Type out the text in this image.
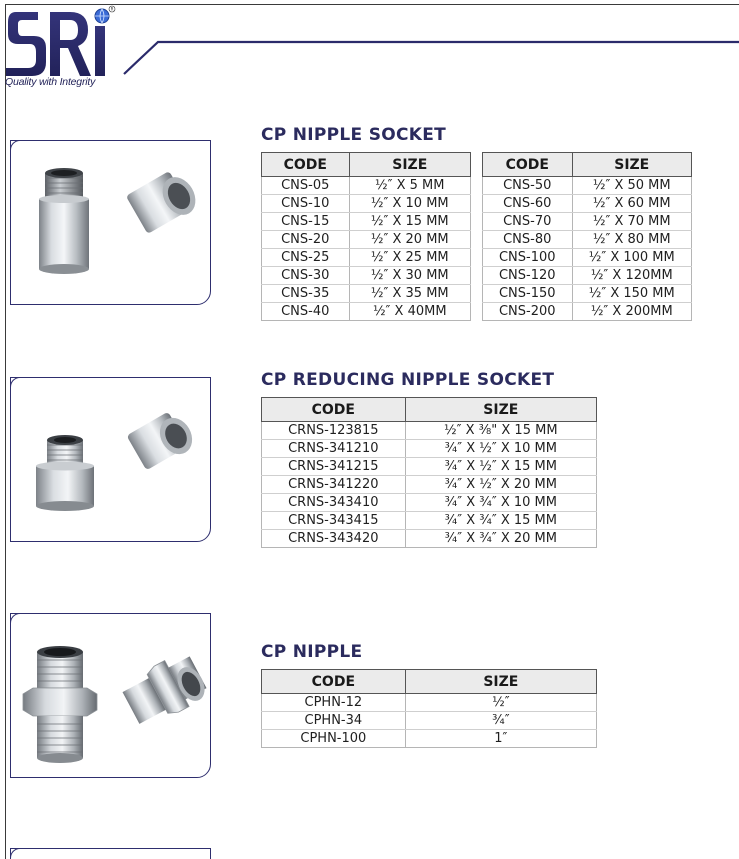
R
Quality with Integrity
CP NIPPLE SOCKET
CODE	SIZE
CNS-05	½″ X 5 MM
CNS-10	½″ X 10 MM
CNS-15	½″ X 15 MM
CNS-20	½″ X 20 MM
CNS-25	½″ X 25 MM
CNS-30	½″ X 30 MM
CNS-35	½″ X 35 MM
CNS-40	½″ X 40MM
CODE	SIZE
CNS-50	½″ X 50 MM
CNS-60	½″ X 60 MM
CNS-70	½″ X 70 MM
CNS-80	½″ X 80 MM
CNS-100	½″ X 100 MM
CNS-120	½″ X 120MM
CNS-150	½″ X 150 MM
CNS-200	½″ X 200MM
CP REDUCING NIPPLE SOCKET
CODE	SIZE
CRNS-123815	½″ X ⅜" X 15 MM
CRNS-341210	¾″ X ½″ X 10 MM
CRNS-341215	¾″ X ½″ X 15 MM
CRNS-341220	¾″ X ½″ X 20 MM
CRNS-343410	¾″ X ¾″ X 10 MM
CRNS-343415	¾″ X ¾″ X 15 MM
CRNS-343420	¾″ X ¾″ X 20 MM
CP NIPPLE
CODE	SIZE
CPHN-12	½″
CPHN-34	¾″
CPHN-100	1″
